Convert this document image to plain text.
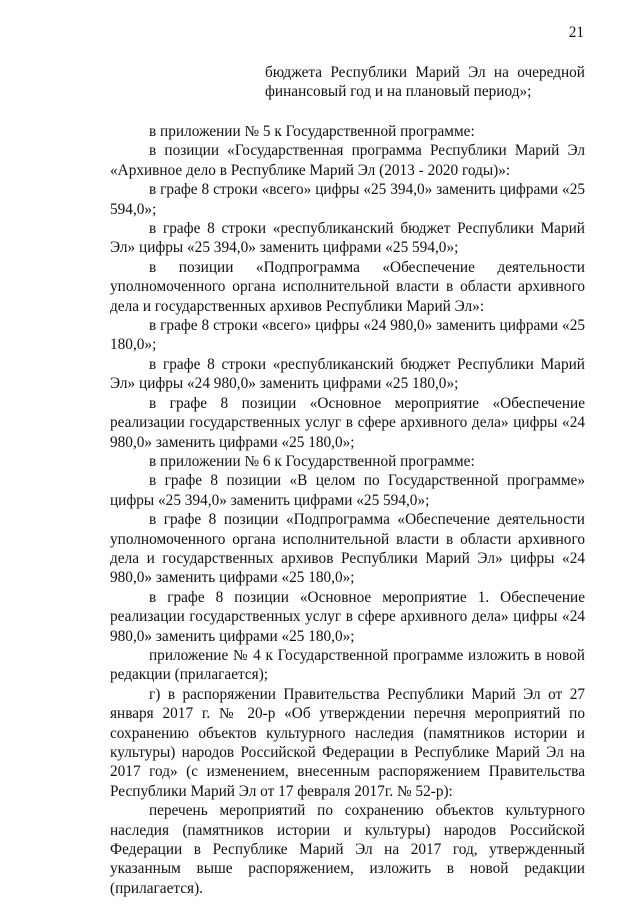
21
бюджета Республики Марий Эл на очередной финансовый год и на плановый период»;

в приложении № 5 к Государственной программе:

в позиции «Государственная программа Республики Марий Эл «Архивное дело в Республике Марий Эл (2013 - 2020 годы)»:

в графе 8 строки «всего» цифры «25 394,0» заменить цифрами «25 594,0»;

в графе 8 строки «республиканский бюджет Республики Марий Эл» цифры «25 394,0» заменить цифрами «25 594,0»;

в позиции «Подпрограмма «Обеспечение деятельности уполномоченного органа исполнительной власти в области архивного дела и государственных архивов Республики Марий Эл»:

в графе 8 строки «всего» цифры «24 980,0» заменить цифрами «25 180,0»;

в графе 8 строки «республиканский бюджет Республики Марий Эл» цифры «24 980,0» заменить цифрами «25 180,0»;

в графе 8 позиции «Основное мероприятие «Обеспечение реализации государственных услуг в сфере архивного дела» цифры «24 980,0» заменить цифрами «25 180,0»;

в приложении № 6 к Государственной программе:

в графе 8 позиции «В целом по Государственной программе» цифры «25 394,0» заменить цифрами «25 594,0»;

в графе 8 позиции «Подпрограмма «Обеспечение деятельности уполномоченного органа исполнительной власти в области архивного дела и государственных архивов Республики Марий Эл» цифры «24 980,0» заменить цифрами «25 180,0»;

в графе 8 позиции «Основное мероприятие 1. Обеспечение реализации государственных услуг в сфере архивного дела» цифры «24 980,0» заменить цифрами «25 180,0»;

приложение № 4 к Государственной программе изложить в новой редакции (прилагается);

г) в распоряжении Правительства Республики Марий Эл от 27 января 2017 г. № 20-р «Об утверждении перечня мероприятий по сохранению объектов культурного наследия (памятников истории и культуры) народов Российской Федерации в Республике Марий Эл на 2017 год» (с изменением, внесенным распоряжением Правительства Республики Марий Эл от 17 февраля 2017г. № 52-р):

перечень мероприятий по сохранению объектов культурного наследия (памятников истории и культуры) народов Российской Федерации в Республике Марий Эл на 2017 год, утвержденный указанным выше распоряжением, изложить в новой редакции (прилагается).
